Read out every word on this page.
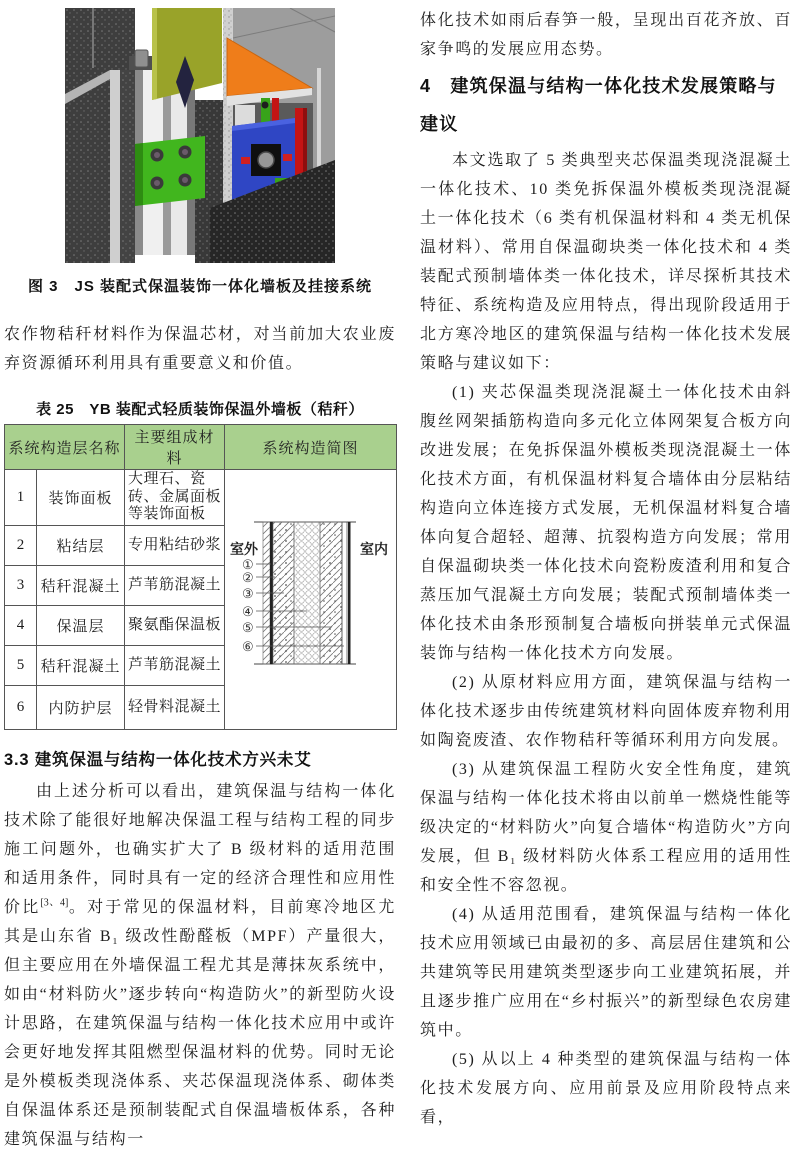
图 3　JS 装配式保温装饰一体化墙板及挂接系统

农作物秸秆材料作为保温芯材，对当前加大农业废弃资源循环利用具有重要意义和价值。

表 25　YB 装配式轻质装饰保温外墙板（秸秆）
系统构造层名称		主要组成材料	系统构造简图
1	装饰面板	大理石、瓷砖、金属面板等装饰面板	
室外	室内
①
②
③
④
⑤
⑥

2	粘结层	专用粘结砂浆	
3	秸秆混凝土	芦苇筋混凝土	
4	保温层	聚氨酯保温板	
5	秸秆混凝土	芦苇筋混凝土	
6	内防护层	轻骨料混凝土	
3.3 建筑保温与结构一体化技术方兴未艾

由上述分析可以看出，建筑保温与结构一体化技术除了能很好地解决保温工程与结构工程的同步施工问题外，也确实扩大了 B 级材料的适用范围和适用条件，同时具有一定的经济合理性和应用性价比[3、4]。对于常见的保温材料，目前寒冷地区尤其是山东省 B₁ 级改性酚醛板（MPF）产量很大，但主要应用在外墙保温工程尤其是薄抹灰系统中，如由“材料防火”逐步转向“构造防火”的新型防火设计思路，在建筑保温与结构一体化技术应用中或许会更好地发挥其阻燃型保温材料的优势。同时无论是外模板类现浇体系、夹芯保温现浇体系、砌体类自保温体系还是预制装配式自保温墙板体系，各种建筑保温与结构一

体化技术如雨后春笋一般，呈现出百花齐放、百家争鸣的发展应用态势。

4　建筑保温与结构一体化技术发展策略与
建议

本文选取了 5 类典型夹芯保温类现浇混凝土一体化技术、10 类免拆保温外模板类现浇混凝土一体化技术（6 类有机保温材料和 4 类无机保温材料）、常用自保温砌块类一体化技术和 4 类装配式预制墙体类一体化技术，详尽探析其技术特征、系统构造及应用特点，得出现阶段适用于北方寒冷地区的建筑保温与结构一体化技术发展策略与建议如下：

(1) 夹芯保温类现浇混凝土一体化技术由斜腹丝网架插筋构造向多元化立体网架复合板方向改进发展；在免拆保温外模板类现浇混凝土一体化技术方面，有机保温材料复合墙体由分层粘结构造向立体连接方式发展，无机保温材料复合墙体向复合超轻、超薄、抗裂构造方向发展；常用自保温砌块类一体化技术向瓷粉废渣利用和复合蒸压加气混凝土方向发展；装配式预制墙体类一体化技术由条形预制复合墙板向拼装单元式保温装饰与结构一体化技术方向发展。

(2) 从原材料应用方面，建筑保温与结构一体化技术逐步由传统建筑材料向固体废弃物利用如陶瓷废渣、农作物秸秆等循环利用方向发展。

(3) 从建筑保温工程防火安全性角度，建筑保温与结构一体化技术将由以前单一燃烧性能等级决定的“材料防火”向复合墙体“构造防火”方向发展，但 B₁ 级材料防火体系工程应用的适用性和安全性不容忽视。

(4) 从适用范围看，建筑保温与结构一体化技术应用领域已由最初的多、高层居住建筑和公共建筑等民用建筑类型逐步向工业建筑拓展，并且逐步推广应用在“乡村振兴”的新型绿色农房建筑中。

(5) 从以上 4 种类型的建筑保温与结构一体化技术发展方向、应用前景及应用阶段特点来看，
